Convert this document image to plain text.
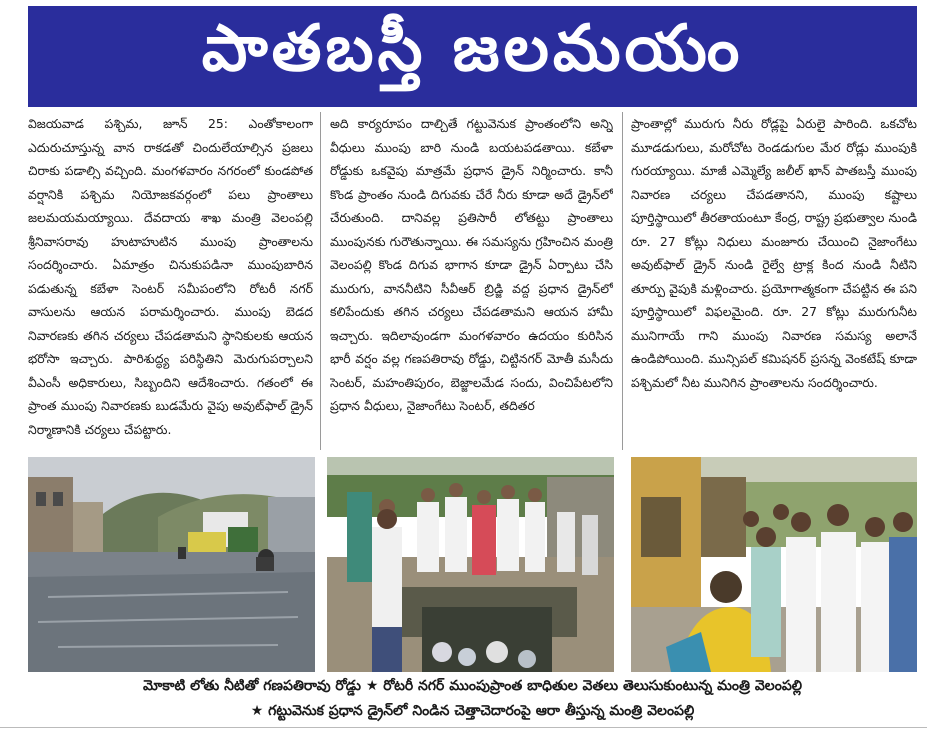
పాతబస్తీ జలమయం

విజయవాడ పశ్చిమ, జూన్ 25: ఎంతోకాలంగా ఎదురుచూస్తున్న వాన రాకడతో చిందులేయాల్సిన ప్రజలు చిరాకు పడాల్సి వచ్చింది. మంగళవారం నగరంలో కుండపోత వర్షానికి పశ్చిమ నియోజకవర్గంలో పలు ప్రాంతాలు జలమయమయ్యాయి. దేవదాయ శాఖ మంత్రి వెలంపల్లి శ్రీనివాసరావు హుటాహుటిన ముంపు ప్రాంతాలను సందర్శించారు. ఏమాత్రం చినుకుపడినా ముంపుబారిన పడుతున్న కబేళా సెంటర్ సమీపంలోని రోటరీ నగర్ వాసులను ఆయన పరామర్శించారు. ముంపు బెడద నివారణకు తగిన చర్యలు చేపడతామని స్థానికులకు ఆయన భరోసా ఇచ్చారు. పారిశుద్ధ్య పరిస్థితిని మెరుగుపర్చాలని వీఎంసీ అధికారులు, సిబ్బందిని ఆదేశించారు. గతంలో ఈ ప్రాంత ముంపు నివారణకు బుడమేరు వైపు అవుట్‌ఫాల్ డ్రైన్ నిర్మాణానికి చర్యలు చేపట్టారు.

అది కార్యరూపం దాల్చితే గట్టువెనుక ప్రాంతంలోని అన్ని వీధులు ముంపు బారి నుండి బయటపడతాయి. కబేళా రోడ్డుకు ఒకవైపు మాత్రమే ప్రధాన డ్రైన్ నిర్మించారు. కానీ కొండ ప్రాంతం నుండి దిగువకు చేరే నీరు కూడా అదే డ్రైన్‌లో చేరుతుంది. దానివల్ల ప్రతిసారీ లోతట్టు ప్రాంతాలు ముంపునకు గురౌతున్నాయి. ఈ సమస్యను గ్రహించిన మంత్రి వెలంపల్లి కొండ దిగువ భాగాన కూడా డ్రైన్ ఏర్పాటు చేసి మురుగు, వాననీటిని సీవీఆర్ బ్రిడ్జి వద్ద ప్రధాన డ్రైన్‌లో కలిపేందుకు తగిన చర్యలు చేపడతామని ఆయన హామీ ఇచ్చారు. ఇదిలావుండగా మంగళవారం ఉదయం కురిసిన భారీ వర్షం వల్ల గణపతిరావు రోడ్డు, చిట్టినగర్ మోతీ మసీదు సెంటర్, మహంతిపురం, బెజ్జాలమేడ సందు, వించిపేటలోని ప్రధాన వీధులు, నైజాంగేటు సెంటర్, తదితర

ప్రాంతాల్లో మురుగు నీరు రోడ్లపై ఏరులై పారింది. ఒకచోట మూడడుగులు, మరోచోట రెండడుగుల మేర రోడ్లు ముంపుకి గురయ్యాయి. మాజీ ఎమ్మెల్యే జలీల్ ఖాన్ పాతబస్తీ ముంపు నివారణ చర్యలు చేపడతానని, ముంపు కష్టాలు పూర్తిస్థాయిలో తీరతాయంటూ కేంద్ర, రాష్ట్ర ప్రభుత్వాల నుండి రూ. 27 కోట్లు నిధులు మంజూరు చేయించి నైజాంగేటు అవుట్‌ఫాల్ డ్రైన్ నుండి రైల్వే ట్రాక్ల కింద నుండి నీటిని తూర్పు వైపుకి మళ్లించారు. ప్రయోగాత్మకంగా చేపట్టిన ఈ పని పూర్తిస్థాయిలో విఫలమైంది. రూ. 27 కోట్లు మురుగునీట మునిగాయే గాని ముంపు నివారణ సమస్య అలానే ఉండిపోయింది. మున్సిపల్ కమిషనర్ ప్రసన్న వెంకటేష్ కూడా పశ్చిమలో నీట మునిగిన ప్రాంతాలను సందర్శించారు.

మోకాటి లోతు నీటితో గణపతిరావు రోడ్డు ★ రోటరీ నగర్ ముంపుప్రాంత బాధితుల వెతలు తెలుసుకుంటున్న మంత్రి వెలంపల్లి
★ గట్టువెనుక ప్రధాన డ్రైన్‌లో నిండిన చెత్తాచెదారంపై ఆరా తీస్తున్న మంత్రి వెలంపల్లి
